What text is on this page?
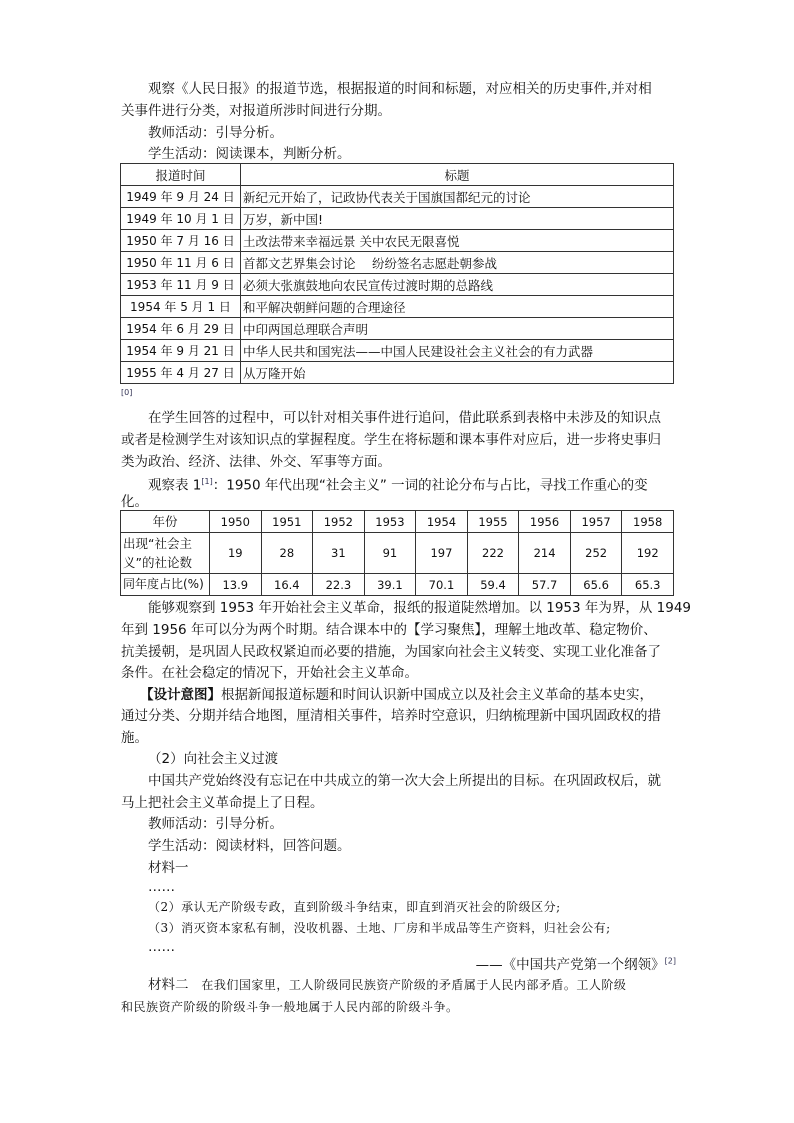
观察《人民日报》的报道节选，根据报道的时间和标题，对应相关的历史事件,并对相

关事件进行分类，对报道所涉时间进行分期。

教师活动：引导分析。

学生活动：阅读课本，判断分析。

报道时间	标题
1949 年 9 月 24 日	新纪元开始了，记政协代表关于国旗国都纪元的讨论
1949 年 10 月 1 日	万岁，新中国!
1950 年 7 月 16 日	土改法带来幸福远景 关中农民无限喜悦
1950 年 11 月 6 日	首都文艺界集会讨论　 纷纷签名志愿赴朝参战
1953 年 11 月 9 日	必须大张旗鼓地向农民宣传过渡时期的总路线
1954 年 5 月 1 日	和平解决朝鲜问题的合理途径
1954 年 6 月 29 日	中印两国总理联合声明
1954 年 9 月 21 日	中华人民共和国宪法——中国人民建设社会主义社会的有力武器
1955 年 4 月 27 日	从万隆开始
[0]

在学生回答的过程中，可以针对相关事件进行追问，借此联系到表格中未涉及的知识点

或者是检测学生对该知识点的掌握程度。学生在将标题和课本事件对应后，进一步将史事归

类为政治、经济、法律、外交、军事等方面。

观察表 1[1]：1950 年代出现“社会主义” 一词的社论分布与占比，寻找工作重心的变

化。

年份	1950	1951	1952	1953	1954	1955	1956	1957	1958
出现“社会主义”的社论数	19	28	31	91	197	222	214	252	192
同年度占比(%)	13.9	16.4	22.3	39.1	70.1	59.4	57.7	65.6	65.3

能够观察到 1953 年开始社会主义革命，报纸的报道陡然增加。以 1953 年为界，从 1949

年到 1956 年可以分为两个时期。结合课本中的【学习聚焦】，理解土地改革、稳定物价、

抗美援朝，是巩固人民政权紧迫而必要的措施，为国家向社会主义转变、实现工业化准备了

条件。在社会稳定的情况下，开始社会主义革命。

【设计意图】根据新闻报道标题和时间认识新中国成立以及社会主义革命的基本史实，

通过分类、分期并结合地图，厘清相关事件，培养时空意识，归纳梳理新中国巩固政权的措

施。

（2）向社会主义过渡

中国共产党始终没有忘记在中共成立的第一次大会上所提出的目标。在巩固政权后，就

马上把社会主义革命提上了日程。

教师活动：引导分析。

学生活动：阅读材料，回答问题。

材料一

……

（2）承认无产阶级专政，直到阶级斗争结束，即直到消灭社会的阶级区分;

（3）消灭资本家私有制，没收机器、土地、厂房和半成品等生产资料，归社会公有;

……

——《中国共产党第一个纲领》[2]

材料二 在我们国家里，工人阶级同民族资产阶级的矛盾属于人民内部矛盾。工人阶级

和民族资产阶级的阶级斗争一般地属于人民内部的阶级斗争。
